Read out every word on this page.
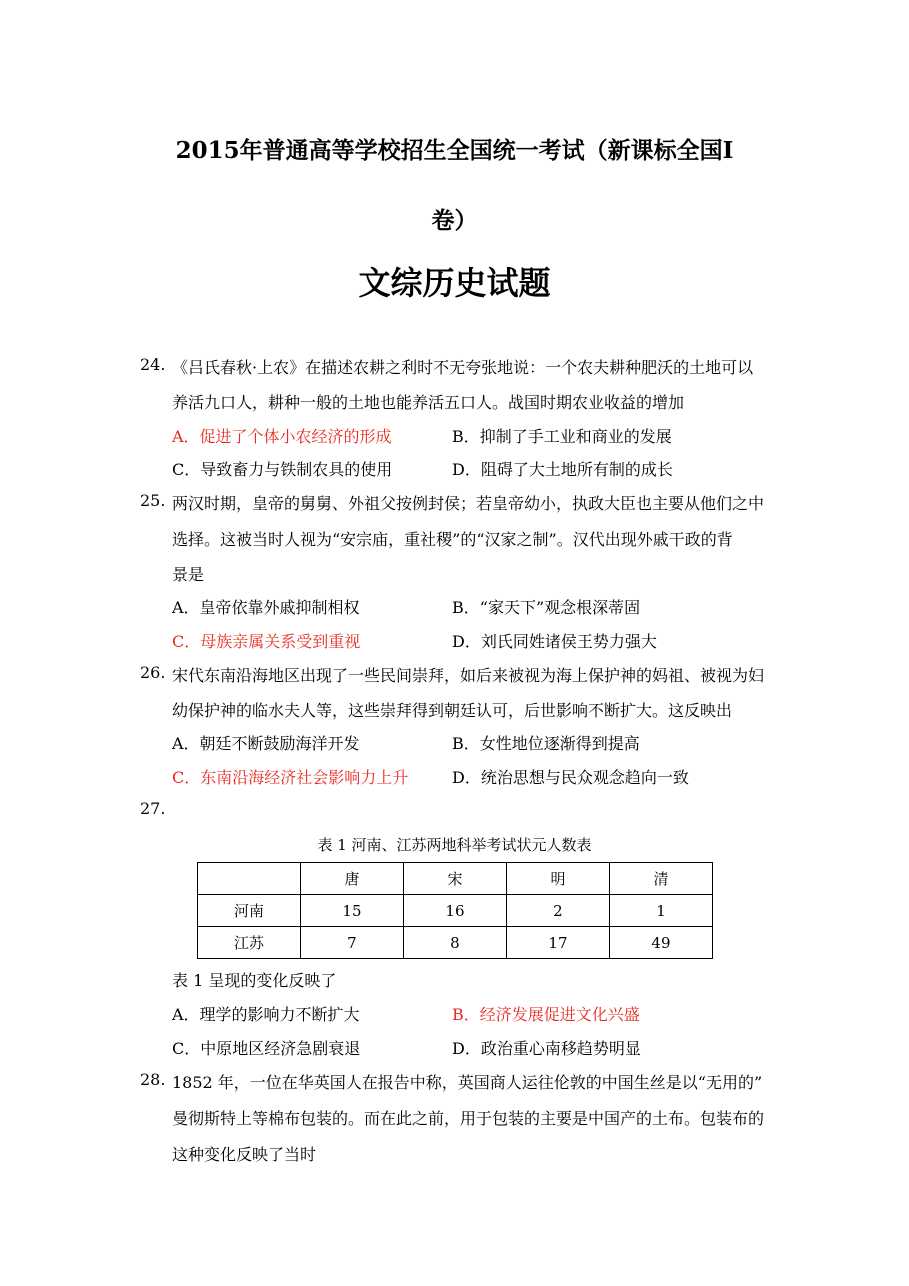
2015年普通高等学校招生全国统一考试（新课标全国Ⅰ
卷）
文综历史试题
24. 《吕氏春秋·上农》在描述农耕之利时不无夸张地说：一个农夫耕种肥沃的土地可以
养活九口人，耕种一般的土地也能养活五口人。战国时期农业收益的增加
A．促进了个体小农经济的形成	B．抑制了手工业和商业的发展
C．导致畜力与铁制农具的使用	D．阻碍了大土地所有制的成长
25. 两汉时期，皇帝的舅舅、外祖父按例封侯；若皇帝幼小，执政大臣也主要从他们之中
选择。这被当时人视为“安宗庙，重社稷”的“汉家之制”。汉代出现外戚干政的背
景是
A．皇帝依靠外戚抑制相权	B．“家天下”观念根深蒂固
C．母族亲属关系受到重视	D．刘氏同姓诸侯王势力强大
26. 宋代东南沿海地区出现了一些民间崇拜，如后来被视为海上保护神的妈祖、被视为妇
幼保护神的临水夫人等，这些崇拜得到朝廷认可，后世影响不断扩大。这反映出
A．朝廷不断鼓励海洋开发	B．女性地位逐渐得到提高
C．东南沿海经济社会影响力上升	D．统治思想与民众观念趋向一致
27.
表 1 河南、江苏两地科举考试状元人数表
	唐	宋	明	清
河南	15	16	2	1
江苏	7	8	17	49
表 1 呈现的变化反映了
A．理学的影响力不断扩大	B．经济发展促进文化兴盛
C．中原地区经济急剧衰退	D．政治重心南移趋势明显
28. 1852 年，一位在华英国人在报告中称，英国商人运往伦敦的中国生丝是以“无用的”
曼彻斯特上等棉布包装的。而在此之前，用于包装的主要是中国产的土布。包装布的
这种变化反映了当时
